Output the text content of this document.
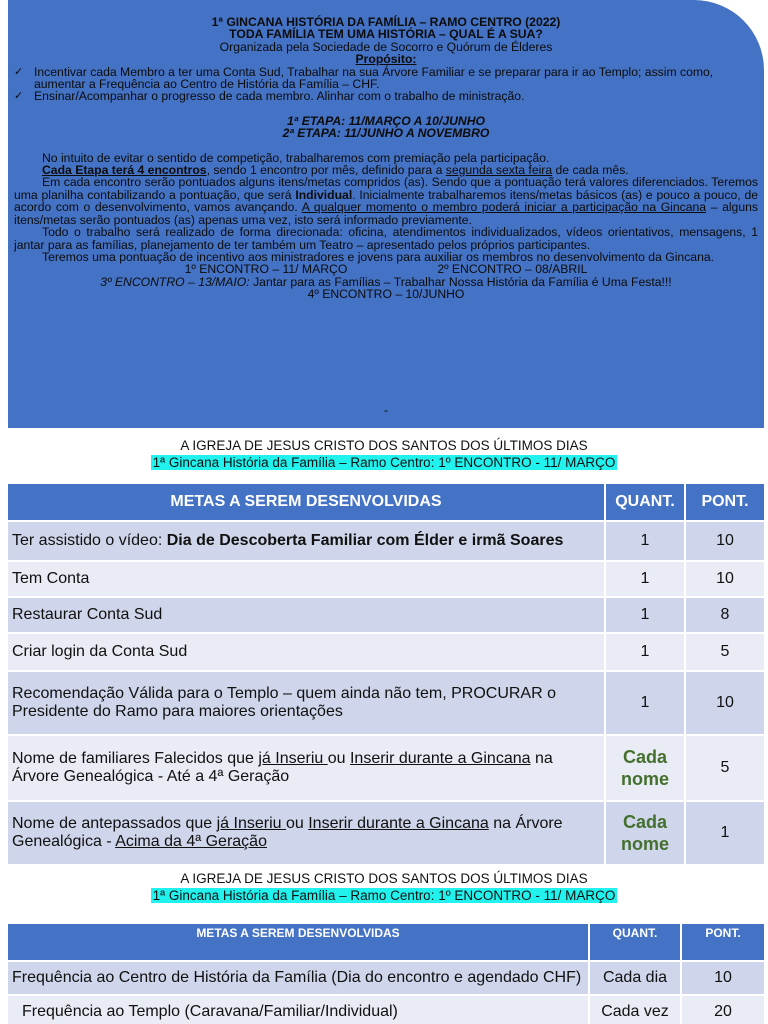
1ª GINCANA HISTÓRIA DA FAMÍLIA – RAMO CENTRO (2022)
TODA FAMÍLIA TEM UMA HISTÓRIA – QUAL É A SUA?
Organizada pela Sociedade de Socorro e Quórum de Élderes
Propósito:
✓ Incentivar cada Membro a ter uma Conta Sud, Trabalhar na sua Árvore Familiar e se preparar para ir ao Templo; assim como, aumentar a Frequência ao Centro de História da Família – CHF.
✓ Ensinar/Acompanhar o progresso de cada membro. Alinhar com o trabalho de ministração.
1ª ETAPA: 11/MARÇO A 10/JUNHO
2ª ETAPA: 11/JUNHO A NOVEMBRO
No intuito de evitar o sentido de competição, trabalharemos com premiação pela participação.
Cada Etapa terá 4 encontros, sendo 1 encontro por mês, definido para a segunda sexta feira de cada mês.
Em cada encontro serão pontuados alguns itens/metas compridos (as). Sendo que a pontuação terá valores diferenciados. Teremos uma planilha contabilizando a pontuação, que será Individual. Inicialmente trabalharemos itens/metas básicos (as) e pouco a pouco, de acordo com o desenvolvimento, vamos avançando. A qualquer momento o membro poderá iniciar a participação na Gincana – alguns itens/metas serão pontuados (as) apenas uma vez, isto será informado previamente.
Todo o trabalho será realizado de forma direcionada: oficina, atendimentos individualizados, vídeos orientativos, mensagens, 1 jantar para as famílias, planejamento de ter também um Teatro – apresentado pelos próprios participantes.
Teremos uma pontuação de incentivo aos ministradores e jovens para auxiliar os membros no desenvolvimento da Gincana.
1º ENCONTRO – 11/ MARÇO	2º ENCONTRO – 08/ABRIL
3º ENCONTRO – 13/MAIO: Jantar para as Famílias – Trabalhar Nossa História da Família é Uma Festa!!!
4º ENCONTRO – 10/JUNHO
-
A IGREJA DE JESUS CRISTO DOS SANTOS DOS ÚLTIMOS DIAS
1ª Gincana História da Família – Ramo Centro: 1º ENCONTRO - 11/ MARÇO
METAS A SEREM DESENVOLVIDAS	QUANT.	PONT.
Ter assistido o vídeo: Dia de Descoberta Familiar com Élder e irmã Soares	1	10
Tem Conta	1	10
Restaurar Conta Sud	1	8
Criar login da Conta Sud	1	5
Recomendação Válida para o Templo – quem ainda não tem, PROCURAR o Presidente do Ramo para maiores orientações	1	10
Nome de familiares Falecidos que já Inseriu ou Inserir durante a Gincana na Árvore Genealógica - Até a 4ª Geração	Cada nome	5
Nome de antepassados que já Inseriu ou Inserir durante a Gincana na Árvore Genealógica - Acima da 4ª Geração	Cada nome	1
A IGREJA DE JESUS CRISTO DOS SANTOS DOS ÚLTIMOS DIAS
1ª Gincana História da Família – Ramo Centro: 1º ENCONTRO - 11/ MARÇO
METAS A SEREM DESENVOLVIDAS	QUANT.	PONT.
Frequência ao Centro de História da Família (Dia do encontro e agendado CHF)	Cada dia	10
Frequência ao Templo (Caravana/Familiar/Individual)	Cada vez	20
